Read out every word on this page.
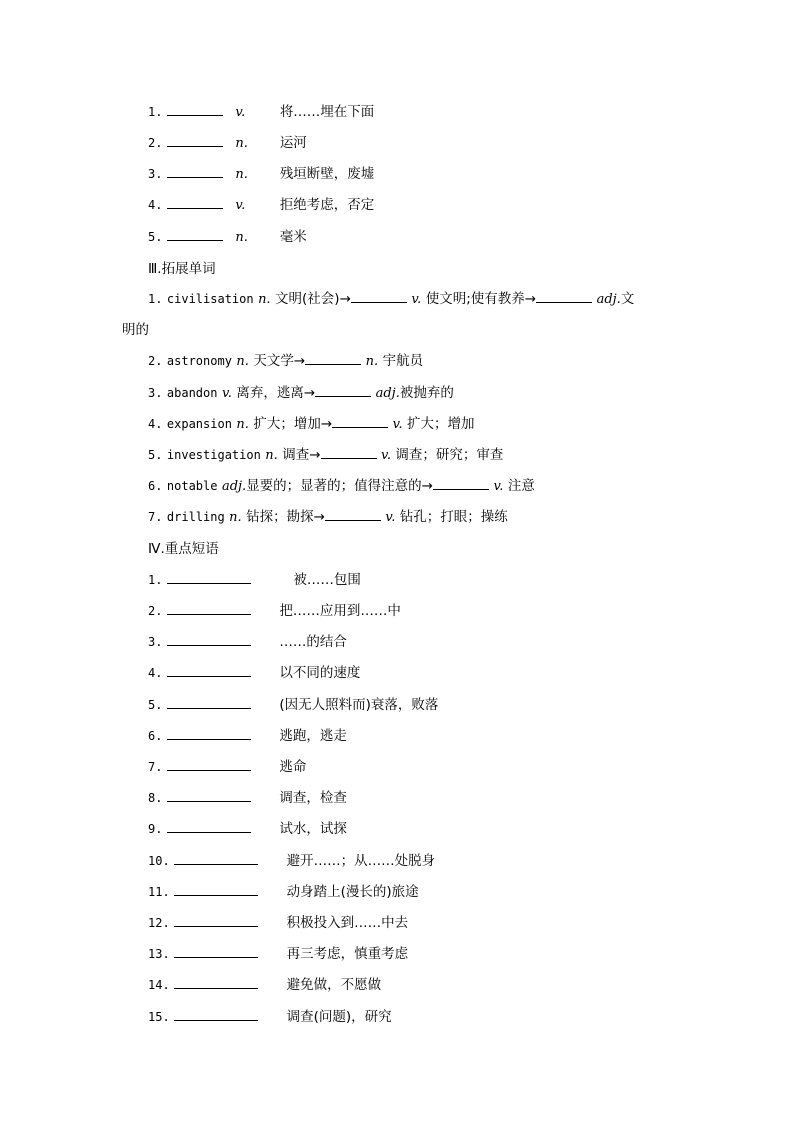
1.	v.	将……埋在下面
2.	n. 运河
3.	n. 残垣断壁，废墟
4.	v.	拒绝考虑，否定
5.	n. 毫米
Ⅲ.拓展单词
1. civilisation n. 文明(社会)→	v. 使文明;使有教养→	adj.文
明的
2. astronomy n. 天文学→	n. 宇航员
3. abandon v. 离弃，逃离→	adj.被抛弃的
4. expansion n. 扩大；增加→	v. 扩大；增加
5. investigation n. 调查→	v. 调查；研究；审查
6. notable adj.显要的；显著的；值得注意的→	v. 注意
7. drilling n. 钻探；勘探→	v. 钻孔；打眼；操练
Ⅳ.重点短语
1.	被……包围
2.	把……应用到……中
3.	……的结合
4.	以不同的速度
5.	(因无人照料而)衰落，败落
6.	逃跑，逃走
7.	逃命
8.	调查，检查
9.	试水，试探
10.	避开……；从……处脱身
11.	动身踏上(漫长的)旅途
12.	积极投入到……中去
13.	再三考虑，慎重考虑
14.	避免做，不愿做
15.	调查(问题)，研究
